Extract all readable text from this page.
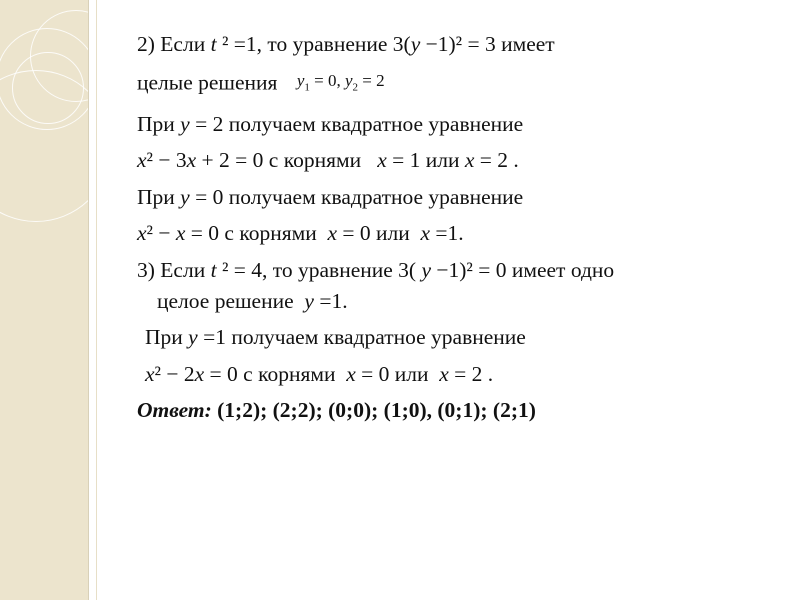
2) Если t ² =1, то уравнение 3(y −1)² = 3 имеет
целые решения $y_1 = 0$, $y_2 = 2$
При y = 2 получаем квадратное уравнение
x² − 3x + 2 = 0 с корнями   x = 1 или x = 2 .
При y = 0 получаем квадратное уравнение
x² − x = 0 с корнями  x = 0 или  x =1.
3) Если t ² = 4, то уравнение 3( y −1)² = 0 имеет одно
целое решение  y =1.
При y =1 получаем квадратное уравнение
x² − 2x = 0 с корнями  x = 0 или  x = 2 .
Ответ: (1;2); (2;2); (0;0); (1;0), (0;1); (2;1)
